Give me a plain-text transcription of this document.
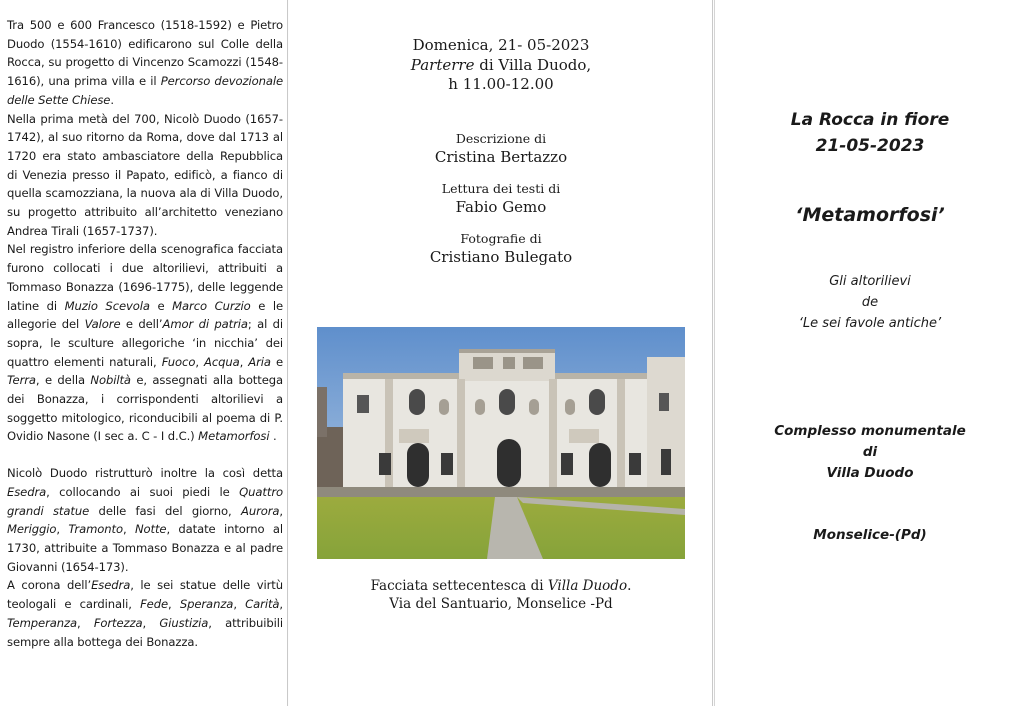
Tra 500 e 600 Francesco (1518-1592) e Pietro Duodo (1554-1610) edificarono sul Colle della Rocca, su progetto di Vincenzo Scamozzi (1548-1616), una prima villa e il Percorso devozionale delle Sette Chiese.

Nella prima metà del 700, Nicolò Duodo (1657-1742), al suo ritorno da Roma, dove dal 1713 al 1720 era stato ambasciatore della Repubblica di Venezia presso il Papato, edificò, a fianco di quella scamozziana, la nuova ala di Villa Duodo, su progetto attribuito all’architetto veneziano Andrea Tirali (1657-1737).

Nel registro inferiore della scenografica facciata furono collocati i due altorilievi, attribuiti a Tommaso Bonazza (1696-1775), delle leggende latine di Muzio Scevola e Marco Curzio e le allegorie del Valore e dell’Amor di patria; al di sopra, le sculture allegoriche ‘in nicchia’ dei quattro elementi naturali, Fuoco, Acqua, Aria e Terra, e della Nobiltà e, assegnati alla bottega dei Bonazza, i corrispondenti altorilievi a soggetto mitologico, riconducibili al poema di P. Ovidio Nasone (I sec a. C - I d.C.) Metamorfosi .

Nicolò Duodo ristrutturò inoltre la così detta Esedra, collocando ai suoi piedi le Quattro grandi statue delle fasi del giorno, Aurora, Meriggio, Tramonto, Notte, datate intorno al 1730, attribuite a Tommaso Bonazza e al padre Giovanni (1654-173).

A corona dell’Esedra, le sei statue delle virtù teologali e cardinali, Fede, Speranza, Carità, Temperanza, Fortezza, Giustizia, attribuibili sempre alla bottega dei Bonazza.

Domenica, 21- 05-2023
Parterre di Villa Duodo,
h 11.00-12.00
Descrizione di
Cristina Bertazzo
Lettura dei testi di
Fabio Gemo
Fotografie di
Cristiano Bulegato
Facciata settecentesca di Villa Duodo.
Via del Santuario, Monselice -Pd
La Rocca in fiore
21-05-2023
‘Metamorfosi’
Gli altorilievi
de
‘Le sei favole antiche’
Complesso monumentale
di
Villa Duodo
Monselice-(Pd)
